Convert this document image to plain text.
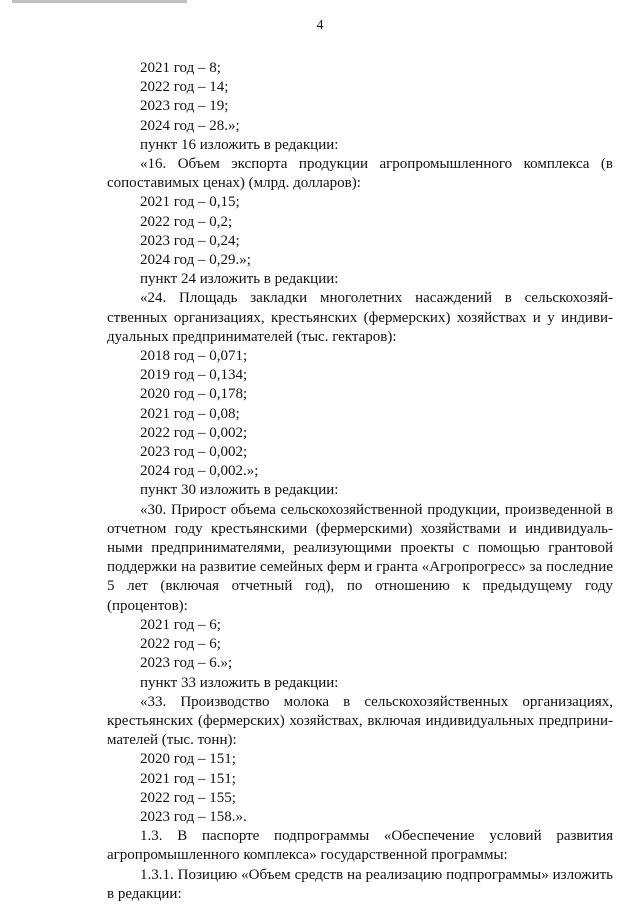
4

2021 год – 8;

2022 год – 14;

2023 год – 19;

2024 год – 28.»;

пункт 16 изложить в редакции:

«16. Объем экспорта продукции агропромышленного комплекса (в сопоставимых ценах) (млрд. долларов):

2021 год – 0,15;

2022 год – 0,2;

2023 год – 0,24;

2024 год – 0,29.»;

пункт 24 изложить в редакции:

«24. Площадь закладки многолетних насаждений в сельскохозяйственных организациях, крестьянских (фермерских) хозяйствах и у индивидуальных предпринимателей (тыс. гектаров):

2018 год – 0,071;

2019 год – 0,134;

2020 год – 0,178;

2021 год – 0,08;

2022 год – 0,002;

2023 год – 0,002;

2024 год – 0,002.»;

пункт 30 изложить в редакции:

«30. Прирост объема сельскохозяйственной продукции, произведенной в отчетном году крестьянскими (фермерскими) хозяйствами и индивидуальными предпринимателями, реализующими проекты с помощью грантовой поддержки на развитие семейных ферм и гранта «Агропрогресс» за последние 5 лет (включая отчетный год), по отношению к предыдущему году (процентов):

2021 год – 6;

2022 год – 6;

2023 год – 6.»;

пункт 33 изложить в редакции:

«33. Производство молока в сельскохозяйственных организациях, крестьянских (фермерских) хозяйствах, включая индивидуальных предпринимателей (тыс. тонн):

2020 год – 151;

2021 год – 151;

2022 год – 155;

2023 год – 158.».

1.3. В паспорте подпрограммы «Обеспечение условий развития агропромышленного комплекса» государственной программы:

1.3.1. Позицию «Объем средств на реализацию подпрограммы» изложить в редакции:
